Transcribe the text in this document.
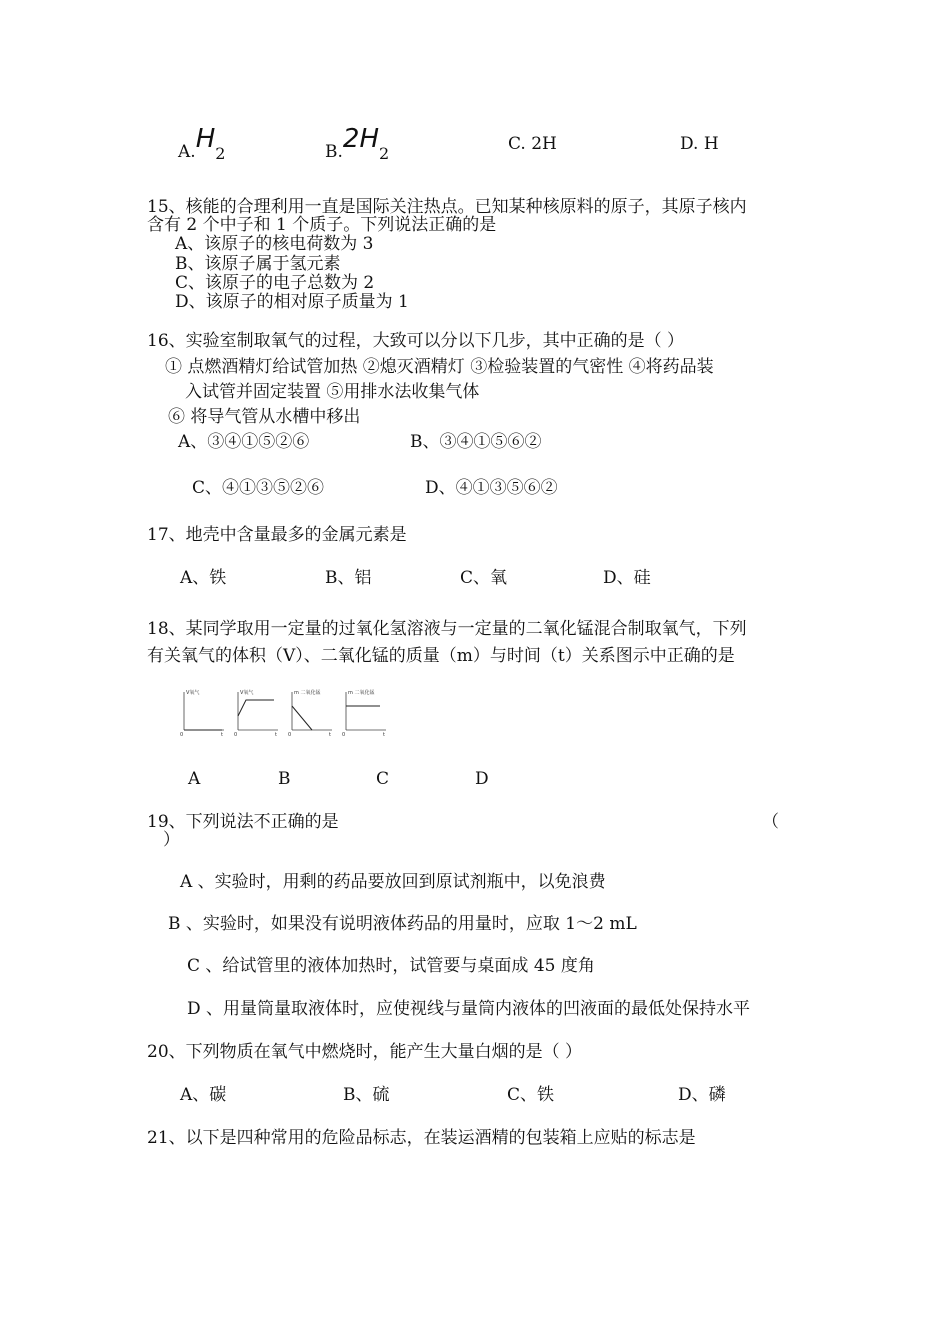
A.H2	B.2H2	C. 2H	D. H
15、核能的合理利用一直是国际关注热点。已知某种核原料的原子，其原子核内
含有 2 个中子和 1 个质子。下列说法正确的是
A、该原子的核电荷数为 3
B、该原子属于氢元素
C、该原子的电子总数为 2
D、该原子的相对原子质量为 1
16、实验室制取氧气的过程，大致可以分以下几步，其中正确的是（ ）
① 点燃酒精灯给试管加热 ②熄灭酒精灯 ③检验装置的气密性 ④将药品装
入试管并固定装置 ⑤用排水法收集气体
⑥ 将导气管从水槽中移出
A、③④①⑤②⑥	B、③④①⑤⑥②
C、④①③⑤②⑥	D、④①③⑤⑥②
17、地壳中含量最多的金属元素是
A、铁	B、铝	C、氧	D、硅
18、某同学取用一定量的过氧化氢溶液与一定量的二氧化锰混合制取氧气，下列
有关氧气的体积（V）、二氧化锰的质量（m）与时间（t）关系图示中正确的是
V氧气
t
0
V氧气
t
0
m 二氧化锰
t
0
m 二氧化锰
t
0
A	B	C	D
19、下列说法不正确的是	（
）
A 、实验时，用剩的药品要放回到原试剂瓶中，以免浪费
B 、实验时，如果没有说明液体药品的用量时，应取 1～2 mL
C 、给试管里的液体加热时，试管要与桌面成 45 度角
D 、用量筒量取液体时，应使视线与量筒内液体的凹液面的最低处保持水平
20、下列物质在氧气中燃烧时，能产生大量白烟的是（ ）
A、碳	B、硫	C、铁	D、磷
21、以下是四种常用的危险品标志，在装运酒精的包装箱上应贴的标志是
